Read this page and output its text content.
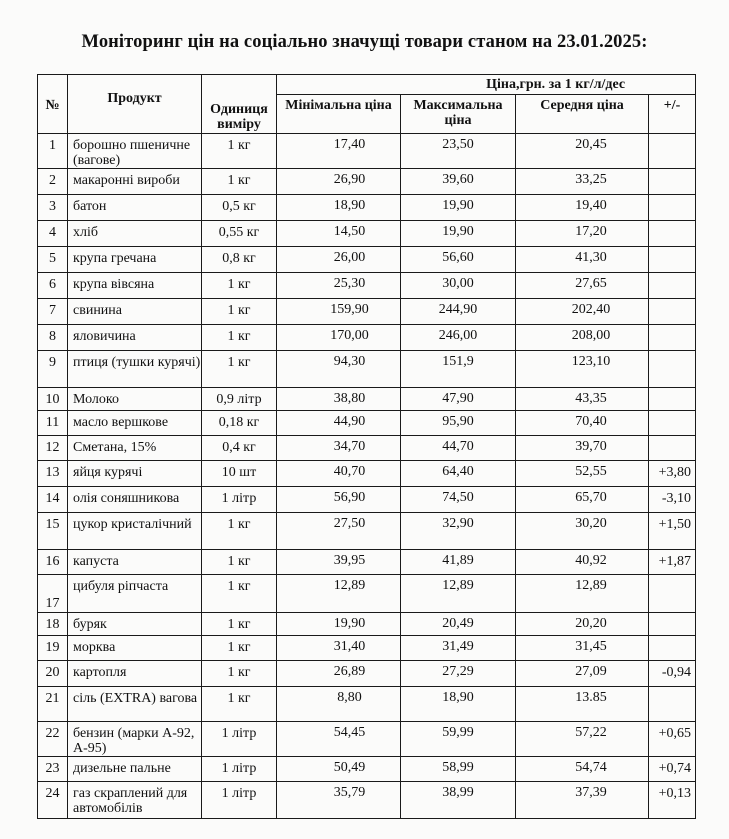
Моніторинг цін на соціально значущі товари станом на 23.01.2025:
№	Продукт	Одиниця виміру	Ціна,грн. за 1 кг/л/дес			
			Мінімальна ціна	Максимальна ціна	Середня ціна	+/-
1	борошно пшеничне (вагове)	1 кг	17,40	23,50	20,45	
2	макаронні вироби	1 кг	26,90	39,60	33,25	
3	батон	0,5 кг	18,90	19,90	19,40	
4	хліб	0,55 кг	14,50	19,90	17,20	
5	крупа гречана	0,8 кг	26,00	56,60	41,30	
6	крупа вівсяна	1 кг	25,30	30,00	27,65	
7	свинина	1 кг	159,90	244,90	202,40	
8	яловичина	1 кг	170,00	246,00	208,00	
9	птиця (тушки курячі)	1 кг	94,30	151,9	123,10	
10	Молоко	0,9 літр	38,80	47,90	43,35	
11	масло вершкове	0,18 кг	44,90	95,90	70,40	
12	Сметана, 15%	0,4 кг	34,70	44,70	39,70	
13	яйця курячі	10 шт	40,70	64,40	52,55	+3,80
14	олія соняшникова	1 літр	56,90	74,50	65,70	-3,10
15	цукор кристалічний	1 кг	27,50	32,90	30,20	+1,50
16	капуста	1 кг	39,95	41,89	40,92	+1,87
17	цибуля ріпчаста	1 кг	12,89	12,89	12,89	
18	буряк	1 кг	19,90	20,49	20,20	
19	морква	1 кг	31,40	31,49	31,45	
20	картопля	1 кг	26,89	27,29	27,09	-0,94
21	сіль (EXTRA) вагова	1 кг	8,80	18,90	13.85	
22	бензин (марки А-92, А-95)	1 літр	54,45	59,99	57,22	+0,65
23	дизельне пальне	1 літр	50,49	58,99	54,74	+0,74
24	газ скраплений для автомобілів	1 літр	35,79	38,99	37,39	+0,13
